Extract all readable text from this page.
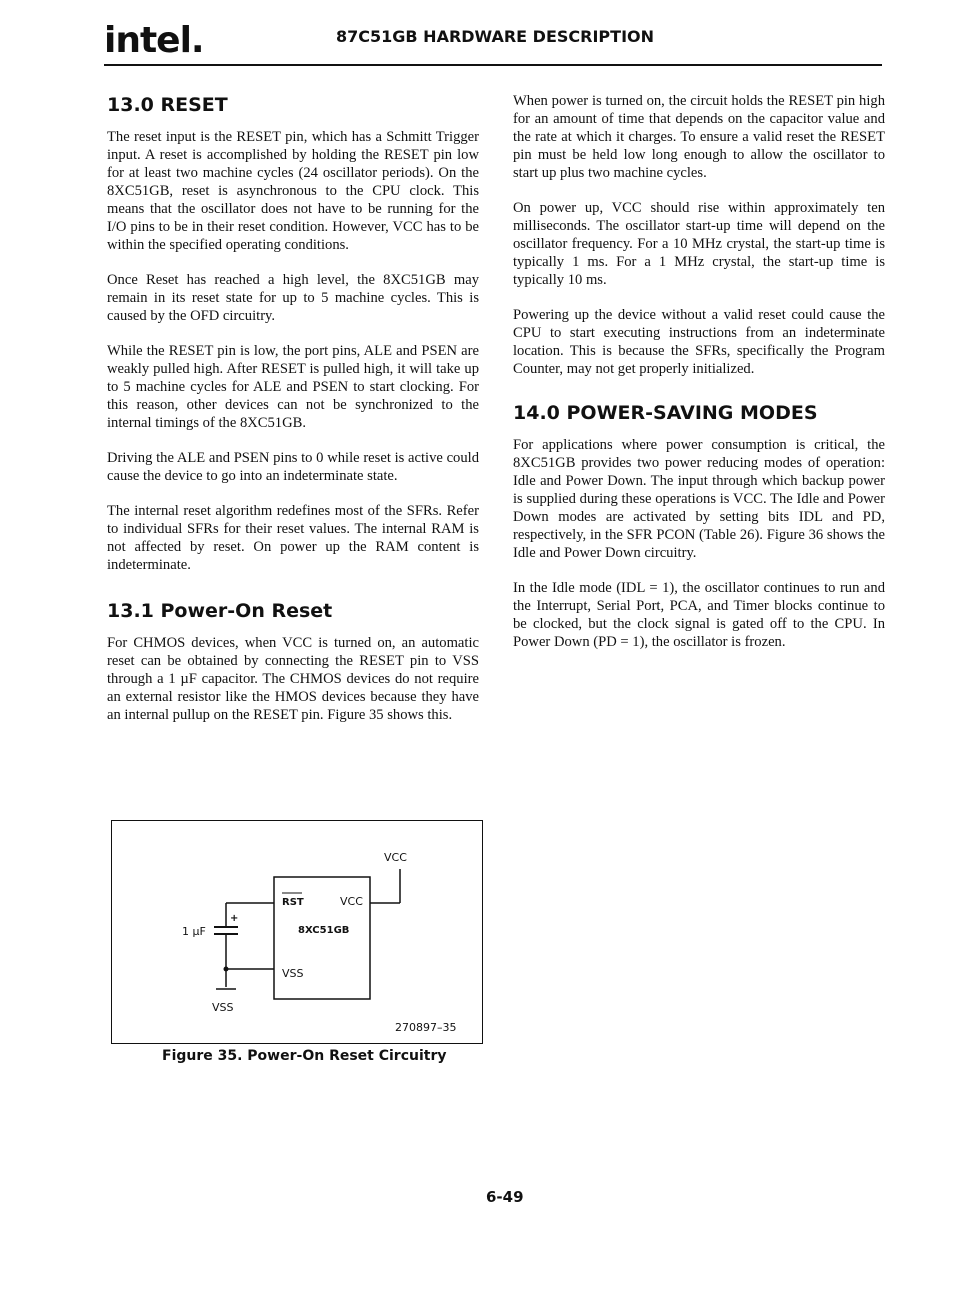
intel.	87C51GB HARDWARE DESCRIPTION
13.0 RESET

The reset input is the RESET pin, which has a Schmitt Trigger input. A reset is accomplished by holding the RESET pin low for at least two machine cycles (24 oscillator periods). On the 8XC51GB, reset is asynchronous to the CPU clock. This means that the oscillator does not have to be running for the I/O pins to be in their reset condition. However, VCC has to be within the specified operating conditions.

Once Reset has reached a high level, the 8XC51GB may remain in its reset state for up to 5 machine cycles. This is caused by the OFD circuitry.

While the RESET pin is low, the port pins, ALE and PSEN are weakly pulled high. After RESET is pulled high, it will take up to 5 machine cycles for ALE and PSEN to start clocking. For this reason, other devices can not be synchronized to the internal timings of the 8XC51GB.

Driving the ALE and PSEN pins to 0 while reset is active could cause the device to go into an indeterminate state.

The internal reset algorithm redefines most of the SFRs. Refer to individual SFRs for their reset values. The internal RAM is not affected by reset. On power up the RAM content is indeterminate.

13.1 Power-On Reset

For CHMOS devices, when VCC is turned on, an automatic reset can be obtained by connecting the RESET pin to VSS through a 1 µF capacitor. The CHMOS devices do not require an external resistor like the HMOS devices because they have an internal pullup on the RESET pin. Figure 35 shows this.

When power is turned on, the circuit holds the RESET pin high for an amount of time that depends on the capacitor value and the rate at which it charges. To ensure a valid reset the RESET pin must be held low long enough to allow the oscillator to start up plus two machine cycles.

On power up, VCC should rise within approximately ten milliseconds. The oscillator start-up time will depend on the oscillator frequency. For a 10 MHz crystal, the start-up time is typically 1 ms. For a 1 MHz crystal, the start-up time is typically 10 ms.

Powering up the device without a valid reset could cause the CPU to start executing instructions from an indeterminate location. This is because the SFRs, specifically the Program Counter, may not get properly initialized.

14.0 POWER-SAVING MODES

For applications where power consumption is critical, the 8XC51GB provides two power reducing modes of operation: Idle and Power Down. The input through which backup power is supplied during these operations is VCC. The Idle and Power Down modes are activated by setting bits IDL and PD, respectively, in the SFR PCON (Table 26). Figure 36 shows the Idle and Power Down circuitry.

In the Idle mode (IDL = 1), the oscillator continues to run and the Interrupt, Serial Port, PCA, and Timer blocks continue to be clocked, but the clock signal is gated off to the CPU. In Power Down (PD = 1), the oscillator is frozen.

VCC
RST	VCC
8XC51GB
VSS
1 µF
+
VSS
270897–35
Figure 35. Power-On Reset Circuitry
6-49
